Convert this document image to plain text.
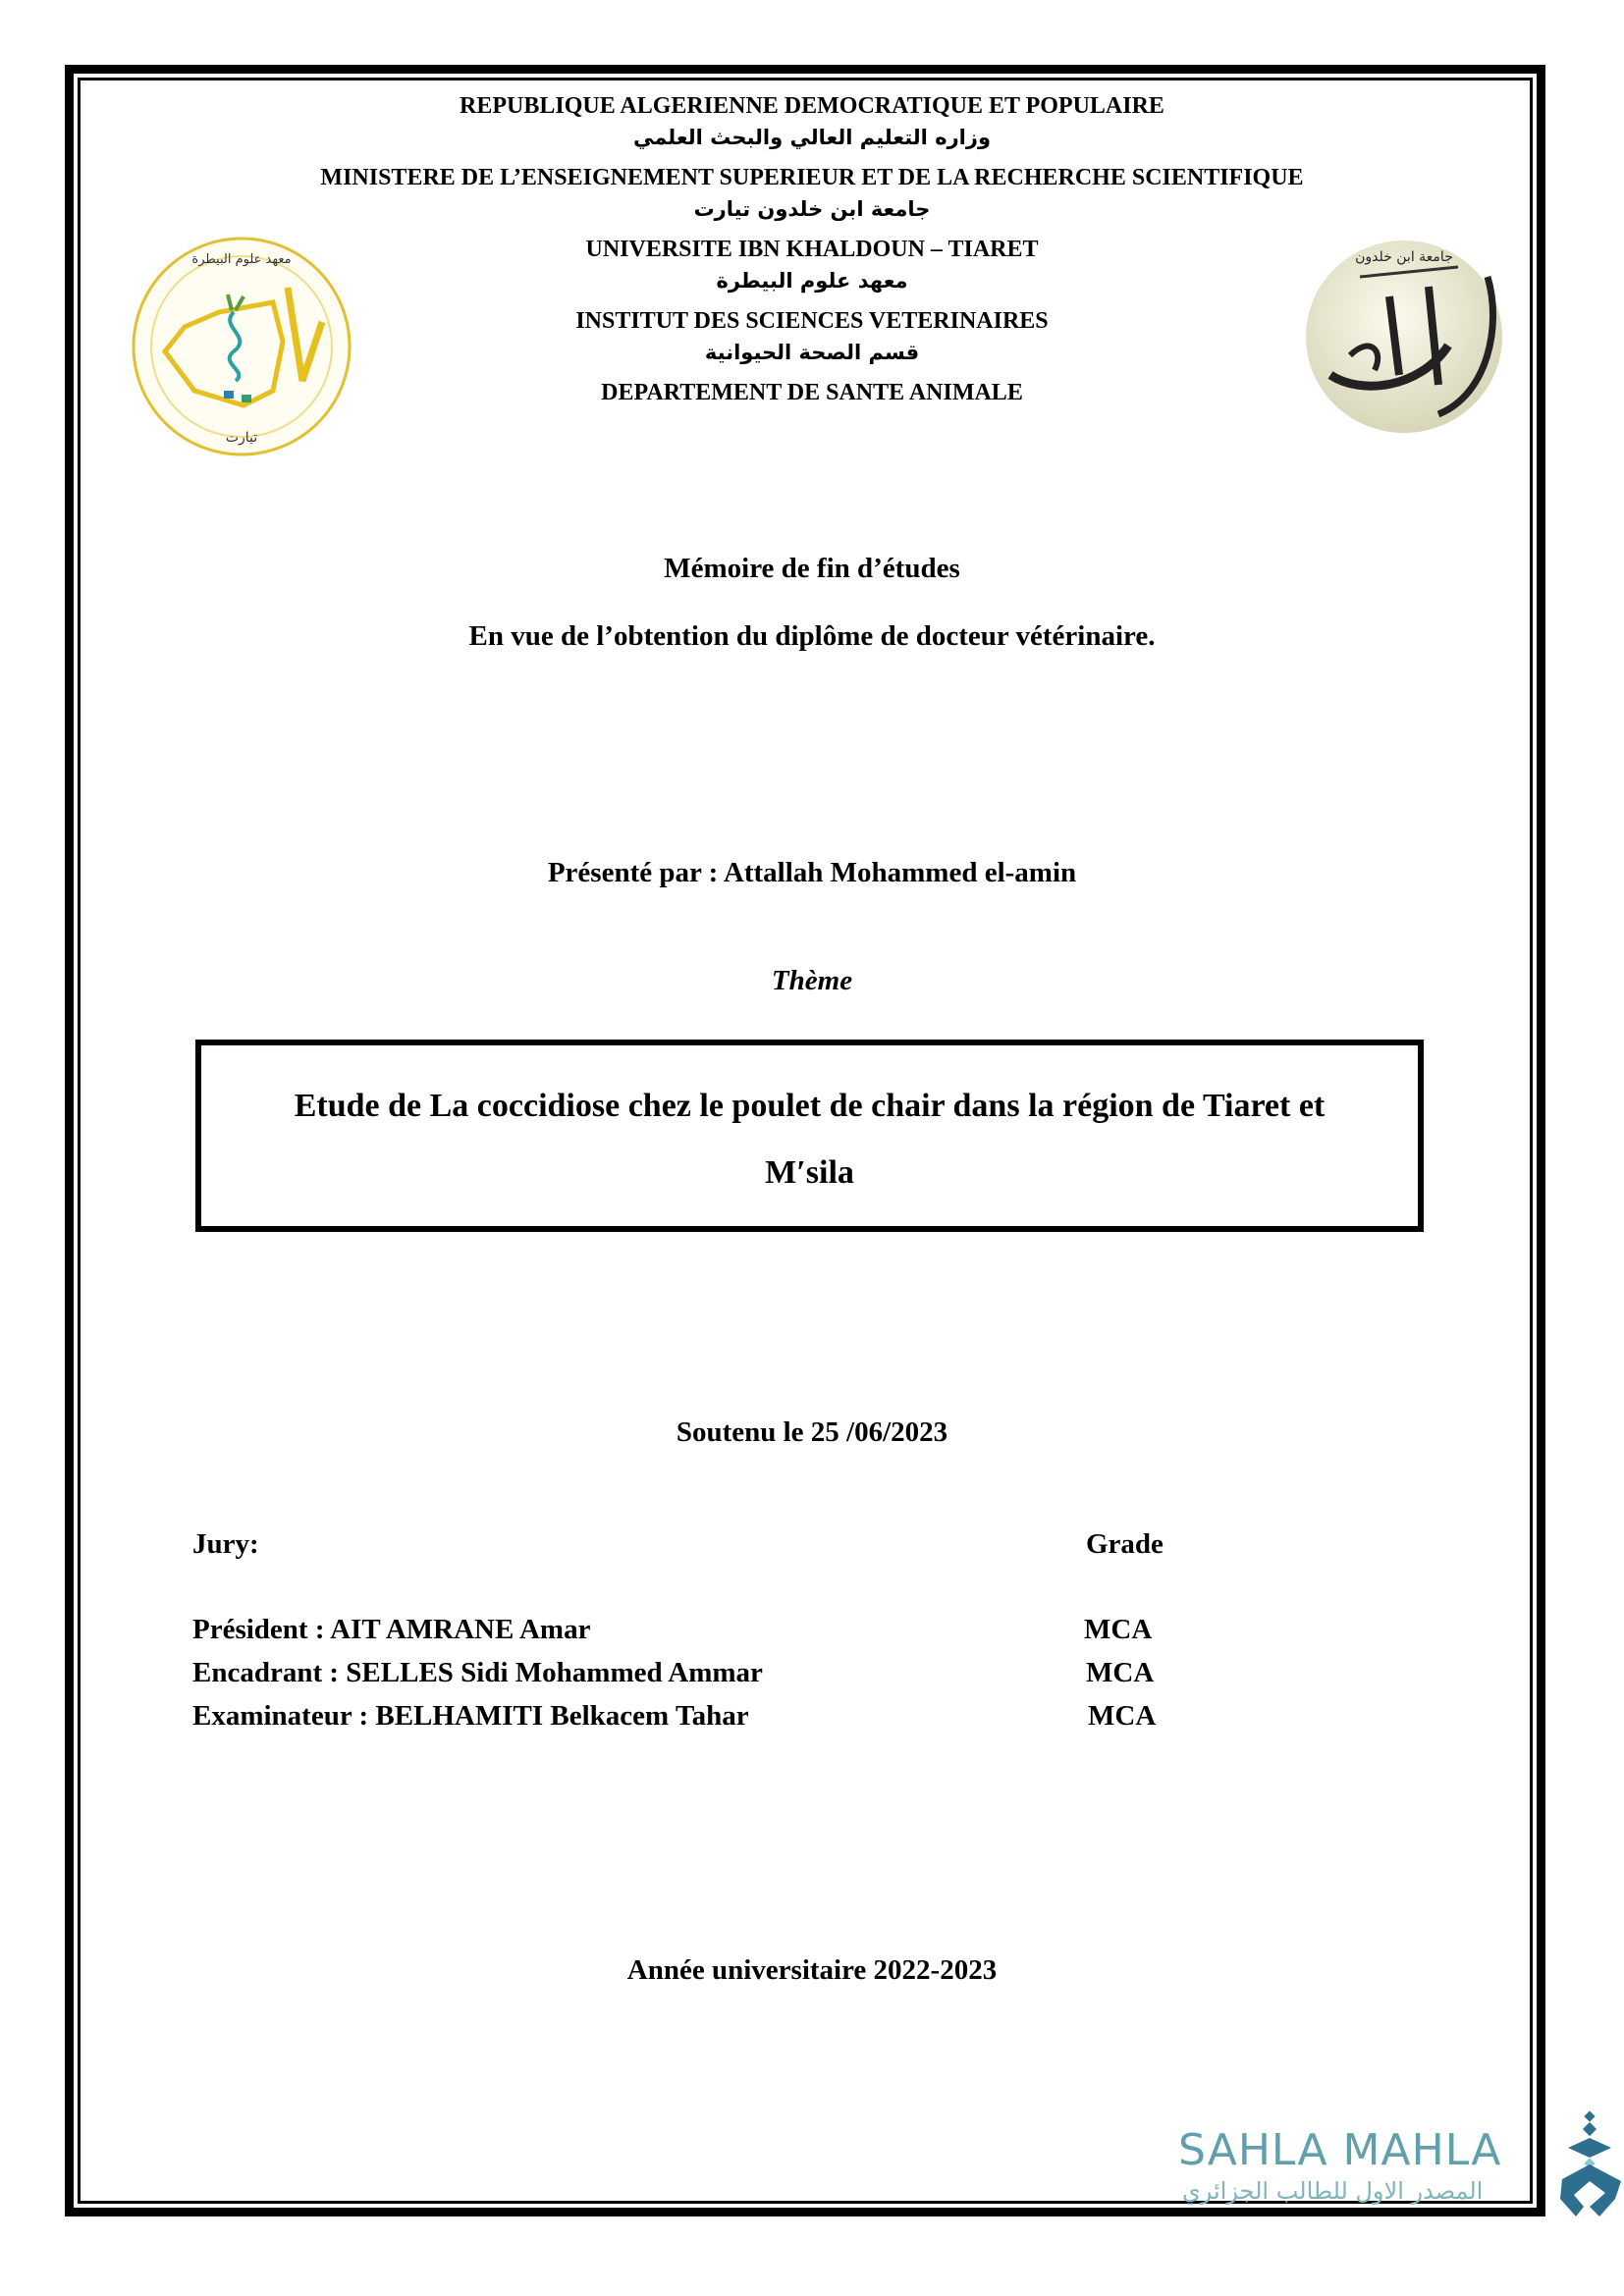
REPUBLIQUE ALGERIENNE DEMOCRATIQUE ET POPULAIRE
وزاره التعليم العالي والبحث العلمي
MINISTERE DE L’ENSEIGNEMENT SUPERIEUR ET DE LA RECHERCHE SCIENTIFIQUE
جامعة ابن خلدون تيارت
UNIVERSITE IBN KHALDOUN – TIARET
معهد علوم البيطرة
INSTITUT DES SCIENCES VETERINAIRES
قسم الصحة الحيوانية
DEPARTEMENT DE SANTE ANIMALE
معهد علوم البيطرة
تيارت
جامعة ابن خلدون
Mémoire de fin d’études
En vue de l’obtention du diplôme de docteur vétérinaire.
Présenté par : Attallah Mohammed el-amin
Thème
Etude de La coccidiose chez le poulet de chair dans la région de Tiaret et
M′sila
Soutenu le 25 /06/2023
Jury:	Grade
Président : AIT AMRANE Amar	MCA
Encadrant : SELLES Sidi Mohammed Ammar	MCA
Examinateur : BELHAMITI Belkacem Tahar	MCA
Année universitaire 2022-2023
SAHLA MAHLA
المصدر الاول للطالب الجزائري
